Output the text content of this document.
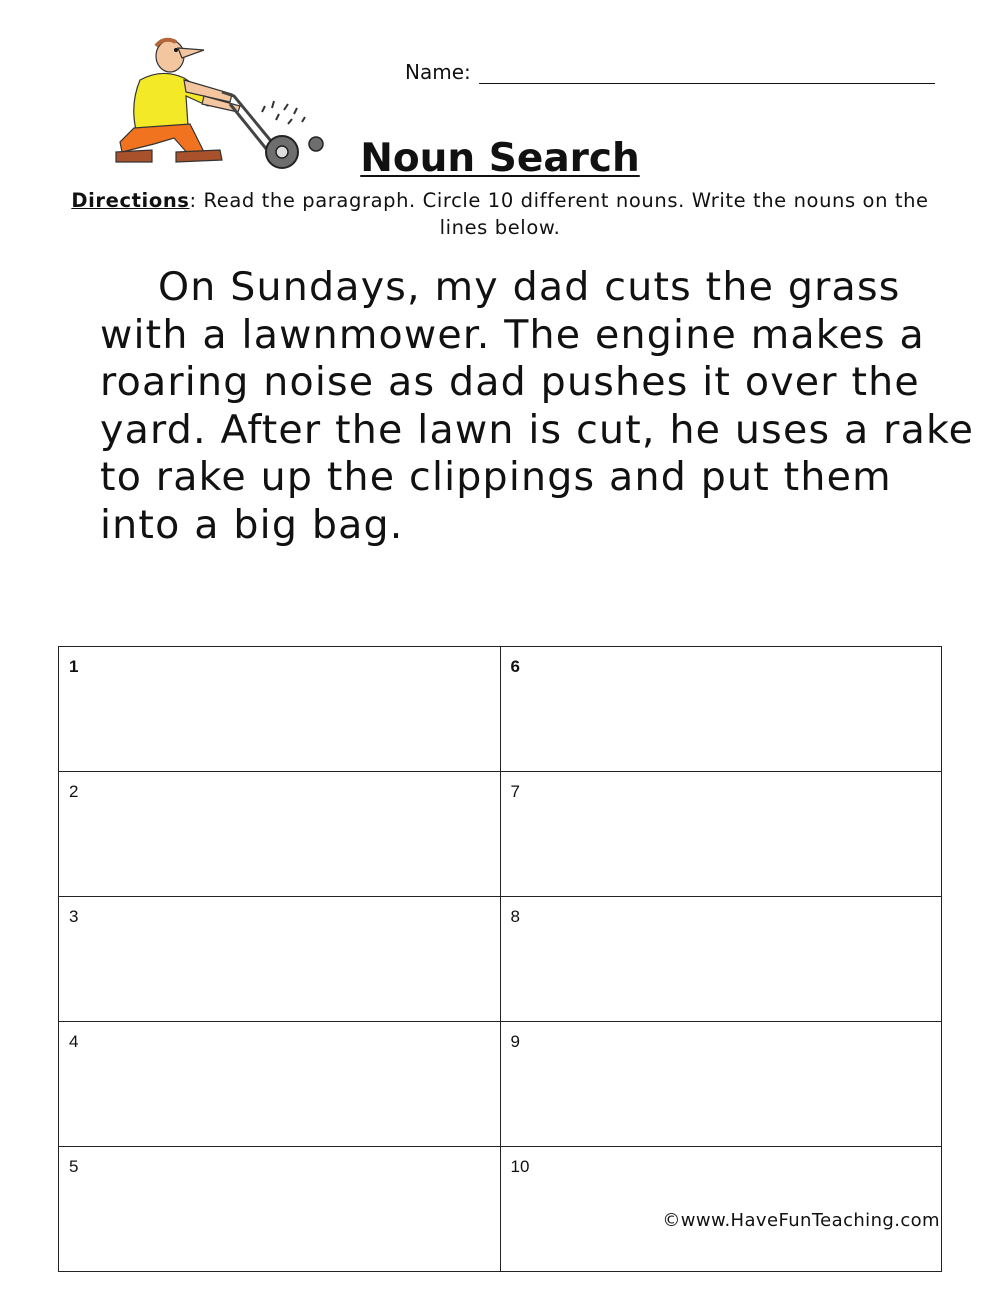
Name:
Noun Search
Directions: Read the paragraph. Circle 10 different nouns. Write the nouns on the lines below.
On Sundays, my dad cuts the grass
with a lawnmower. The engine makes a
roaring noise as dad pushes it over the
yard. After the lawn is cut, he uses a rake
to rake up the clippings and put them
into a big bag.
1	6
2	7
3	8
4	9
5	10
©www.HaveFunTeaching.com
